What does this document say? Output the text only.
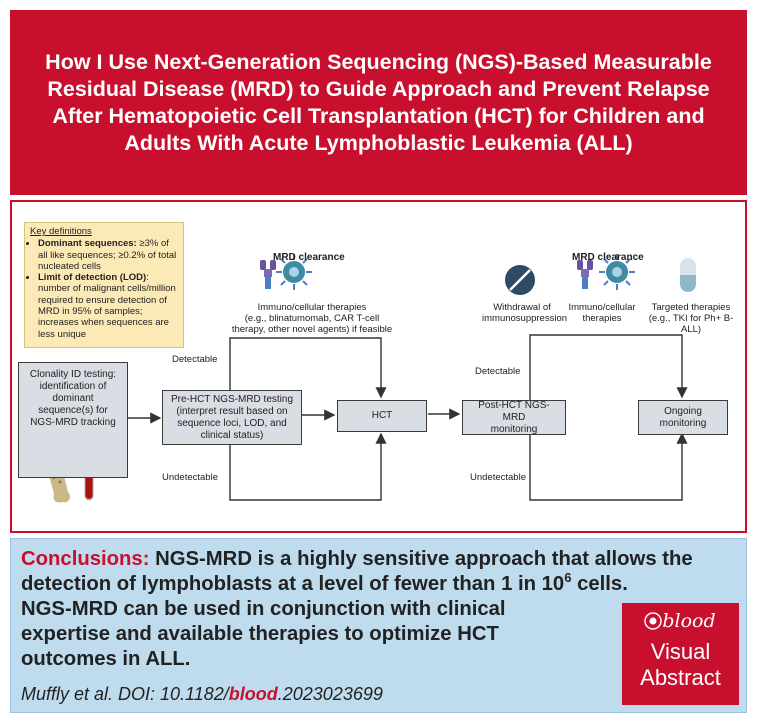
How I Use Next-Generation Sequencing (NGS)-Based Measurable Residual Disease (MRD) to Guide Approach and Prevent Relapse After Hematopoietic Cell Transplantation (HCT) for Children and Adults With Acute Lymphoblastic Leukemia (ALL)
Key definitions
• Dominant sequences: ≥3% of all like sequences; ≥0.2% of total nucleated cells
• Limit of detection (LOD): number of malignant cells/million required to ensure detection of MRD in 95% of samples; increases when sequences are less unique
MRD clearance	MRD clearance
Immuno/cellular therapies
(e.g., blinatumomab, CAR T-cell
therapy, other novel agents) if feasible
Withdrawal of
immunosuppression
Immuno/cellular
therapies
Targeted therapies
(e.g., TKI for Ph+ B-ALL)
Clonality ID testing:
identification of
dominant
sequence(s) for
NGS-MRD tracking
Pre-HCT NGS-MRD testing
(interpret result based on
sequence loci, LOD, and
clinical status)
HCT
Post-HCT NGS-MRD
monitoring
Ongoing
monitoring
Detectable
Undetectable
Detectable
Undetectable
Conclusions: NGS-MRD is a highly sensitive approach that allows the detection of lymphoblasts at a level of fewer than 1 in $10^6$ cells.
NGS-MRD can be used in conjunction with clinical
expertise and available therapies to optimize HCT
outcomes in ALL.
Muffly et al. DOI: 10.1182/blood.2023023699
blood
Visual
Abstract
